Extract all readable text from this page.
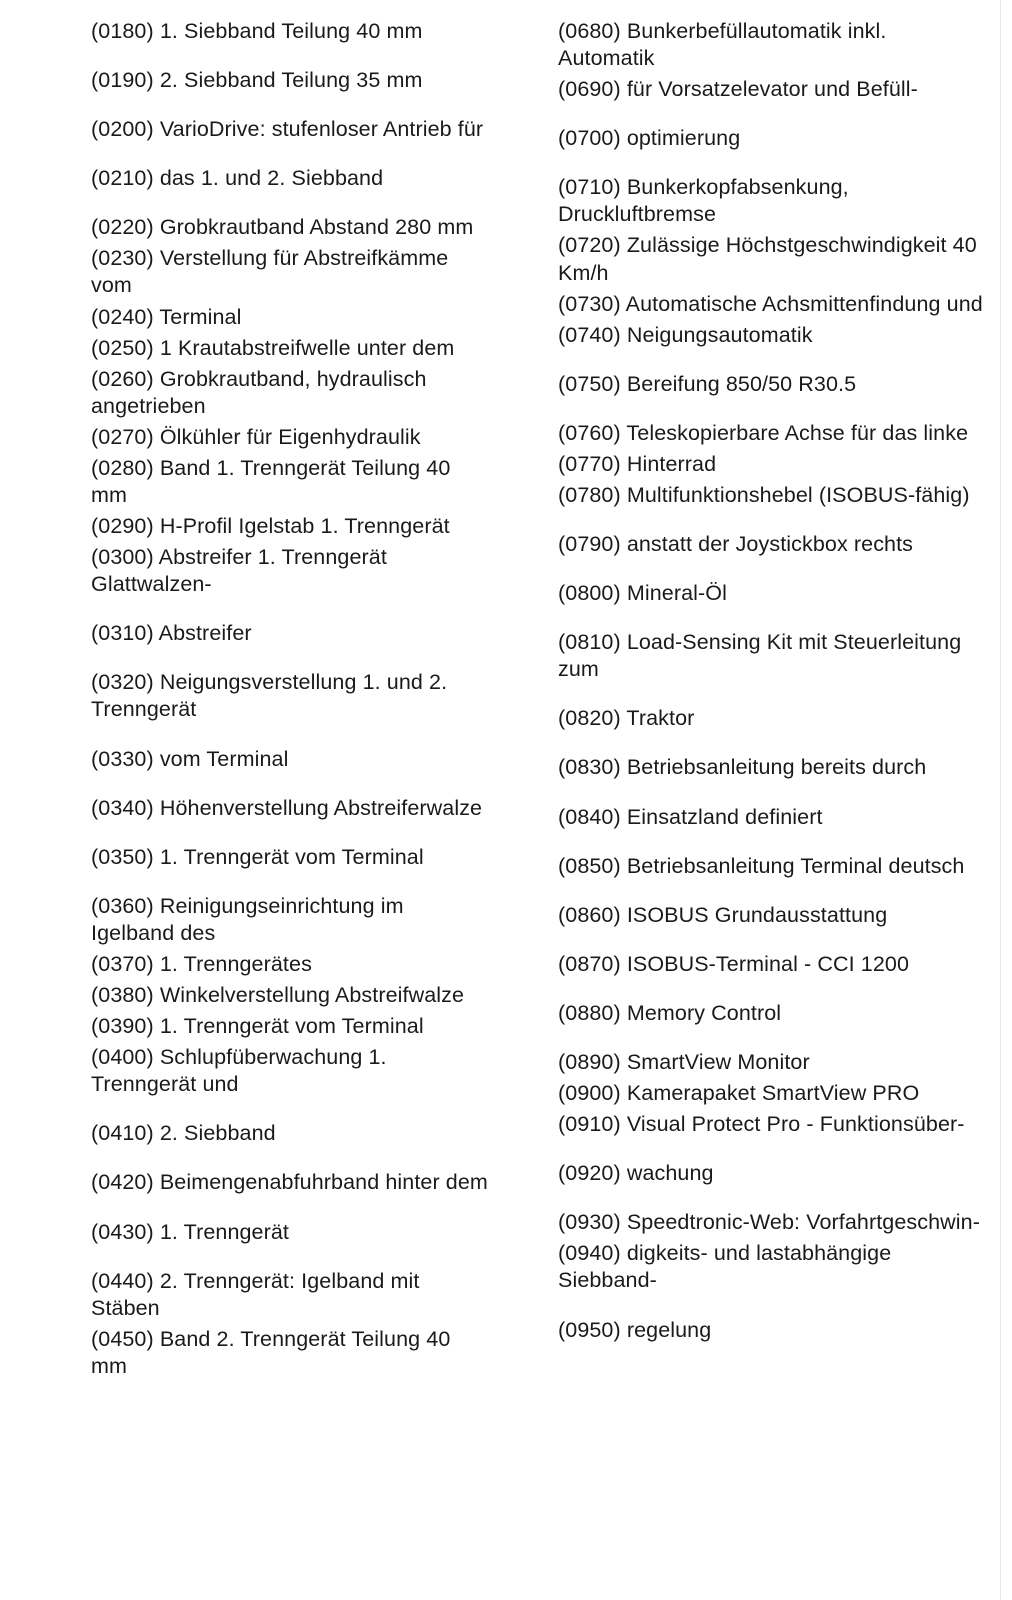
(0180) 1. Siebband Teilung 40 mm

(0190) 2. Siebband Teilung 35 mm

(0200) VarioDrive: stufenloser Antrieb für

(0210) das 1. und 2. Siebband

(0220) Grobkrautband Abstand 280 mm

(0230) Verstellung für Abstreifkämme vom

(0240) Terminal

(0250) 1 Krautabstreifwelle unter dem

(0260) Grobkrautband, hydraulisch angetrieben

(0270) Ölkühler für Eigenhydraulik

(0280) Band 1. Trenngerät Teilung 40 mm

(0290) H-Profil Igelstab 1. Trenngerät

(0300) Abstreifer 1. Trenngerät Glattwalzen-

(0310) Abstreifer

(0320) Neigungsverstellung 1. und 2. Trenngerät

(0330) vom Terminal

(0340) Höhenverstellung Abstreiferwalze

(0350) 1. Trenngerät vom Terminal

(0360) Reinigungseinrichtung im Igelband des

(0370) 1. Trenngerätes

(0380) Winkelverstellung Abstreifwalze

(0390) 1. Trenngerät vom Terminal

(0400) Schlupfüberwachung 1. Trenngerät und

(0410) 2. Siebband

(0420) Beimengenabfuhrband hinter dem

(0430) 1. Trenngerät

(0440) 2. Trenngerät: Igelband mit Stäben

(0450) Band 2. Trenngerät Teilung 40 mm

(0680) Bunkerbefüllautomatik inkl. Automatik

(0690) für Vorsatzelevator und Befüll-

(0700) optimierung

(0710) Bunkerkopfabsenkung, Druckluftbremse

(0720) Zulässige Höchstgeschwindigkeit 40 Km/h

(0730) Automatische Achsmittenfindung und

(0740) Neigungsautomatik

(0750) Bereifung 850/50 R30.5

(0760) Teleskopierbare Achse für das linke

(0770) Hinterrad

(0780) Multifunktionshebel (ISOBUS-fähig)

(0790) anstatt der Joystickbox rechts

(0800) Mineral-Öl

(0810) Load-Sensing Kit mit Steuerleitung zum

(0820) Traktor

(0830) Betriebsanleitung bereits durch

(0840) Einsatzland definiert

(0850) Betriebsanleitung Terminal deutsch

(0860) ISOBUS Grundausstattung

(0870) ISOBUS-Terminal - CCI 1200

(0880) Memory Control

(0890) SmartView Monitor

(0900) Kamerapaket SmartView PRO

(0910) Visual Protect Pro - Funktionsüber-

(0920) wachung

(0930) Speedtronic-Web: Vorfahrtgeschwin-

(0940) digkeits- und lastabhängige Siebband-

(0950) regelung
